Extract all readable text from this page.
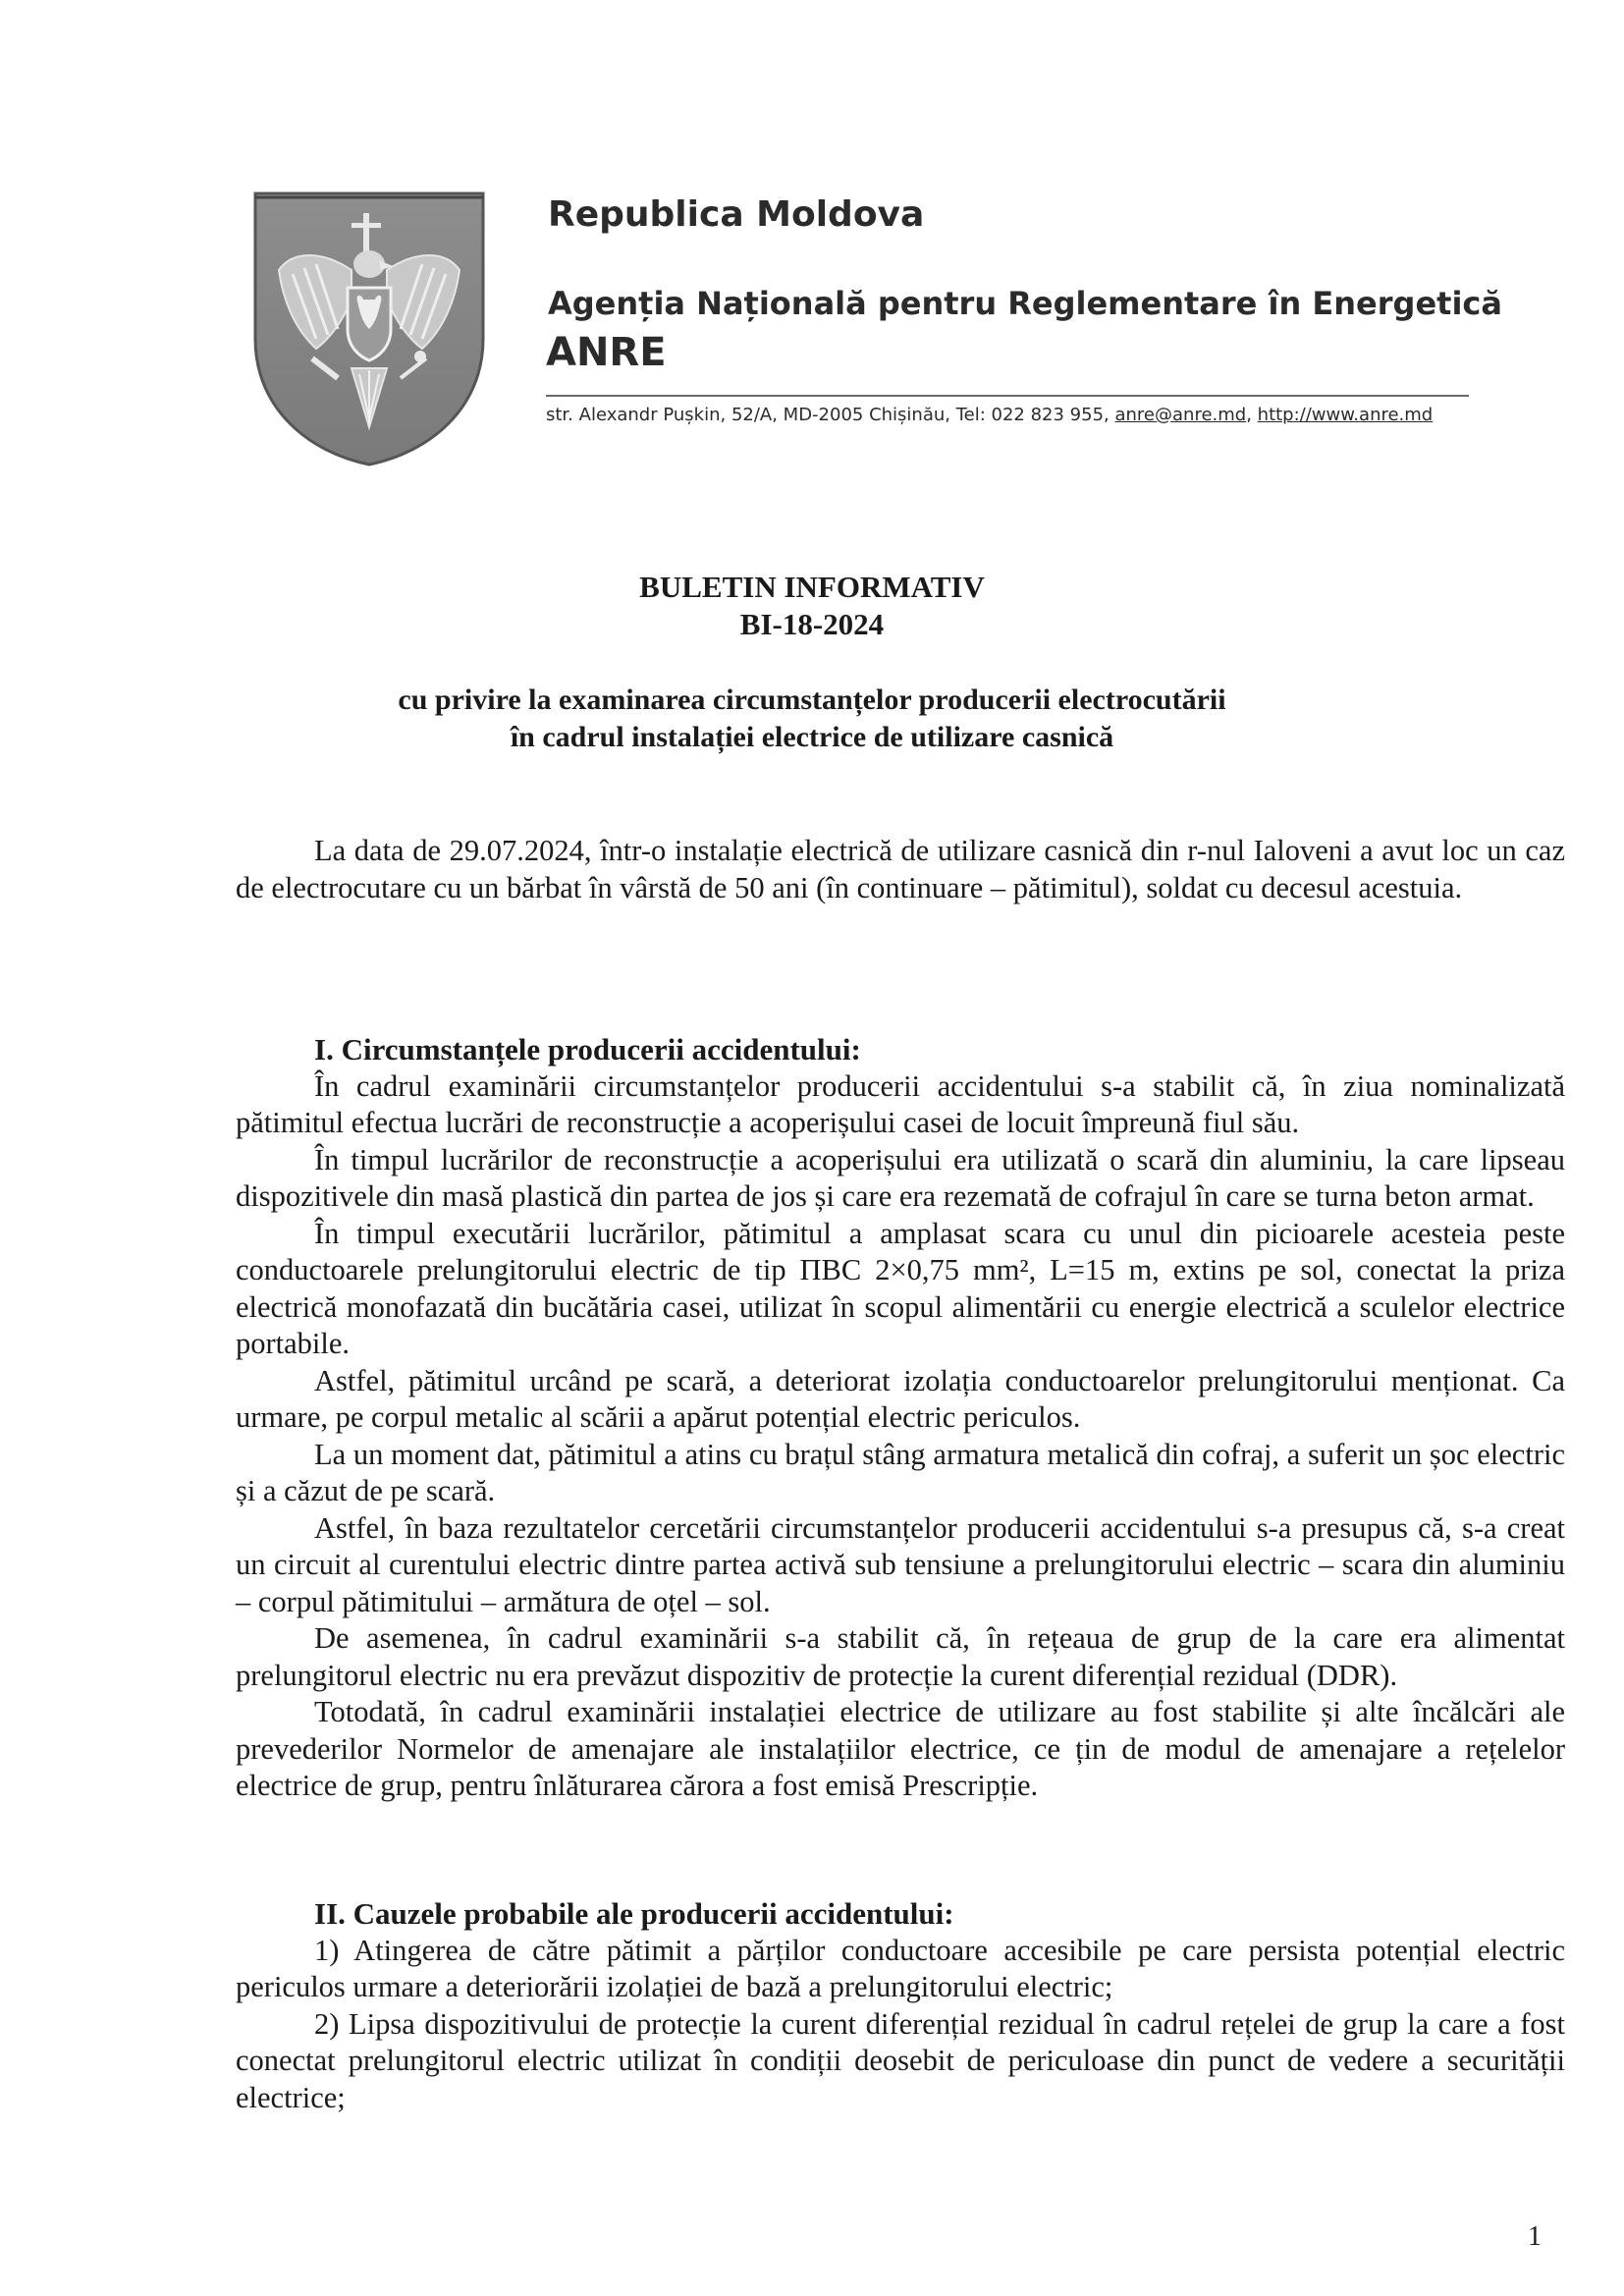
Republica Moldova
Agenția Națională pentru Reglementare în Energetică
ANRE
str. Alexandr Pușkin, 52/A, MD-2005 Chișinău, Tel: 022 823 955, anre@anre.md, http://www.anre.md
BULETIN INFORMATIV
BI-18-2024
cu privire la examinarea circumstanțelor producerii electrocutării
în cadrul instalației electrice de utilizare casnică

La data de 29.07.2024, într-o instalație electrică de utilizare casnică din r-nul Ialoveni a avut loc un caz de electrocutare cu un bărbat în vârstă de 50 ani (în continuare – pătimitul), soldat cu decesul acestuia.

I. Circumstanțele producerii accidentului:

În cadrul examinării circumstanțelor producerii accidentului s-a stabilit că, în ziua nominalizată pătimitul efectua lucrări de reconstrucție a acoperișului casei de locuit împreună fiul său.

În timpul lucrărilor de reconstrucție a acoperișului era utilizată o scară din aluminiu, la care lipseau dispozitivele din masă plastică din partea de jos și care era rezemată de cofrajul în care se turna beton armat.

În timpul executării lucrărilor, pătimitul a amplasat scara cu unul din picioarele acesteia peste conductoarele prelungitorului electric de tip ПВС 2×0,75 mm², L=15 m, extins pe sol, conectat la priza electrică monofazată din bucătăria casei, utilizat în scopul alimentării cu energie electrică a sculelor electrice portabile.

Astfel, pătimitul urcând pe scară, a deteriorat izolația conductoarelor prelungitorului menționat. Ca urmare, pe corpul metalic al scării a apărut potențial electric periculos.

La un moment dat, pătimitul a atins cu brațul stâng armatura metalică din cofraj, a suferit un șoc electric și a căzut de pe scară.

Astfel, în baza rezultatelor cercetării circumstanțelor producerii accidentului s-a presupus că, s-a creat un circuit al curentului electric dintre partea activă sub tensiune a prelungitorului electric – scara din aluminiu – corpul pătimitului – armătura de oțel – sol.

De asemenea, în cadrul examinării s-a stabilit că, în rețeaua de grup de la care era alimentat prelungitorul electric nu era prevăzut dispozitiv de protecție la curent diferențial rezidual (DDR).

Totodată, în cadrul examinării instalației electrice de utilizare au fost stabilite și alte încălcări ale prevederilor Normelor de amenajare ale instalațiilor electrice, ce țin de modul de amenajare a rețelelor electrice de grup, pentru înlăturarea cărora a fost emisă Prescripție.

II. Cauzele probabile ale producerii accidentului:

1) Atingerea de către pătimit a părților conductoare accesibile pe care persista potențial electric periculos urmare a deteriorării izolației de bază a prelungitorului electric;

2) Lipsa dispozitivului de protecție la curent diferențial rezidual în cadrul rețelei de grup la care a fost conectat prelungitorul electric utilizat în condiții deosebit de periculoase din punct de vedere a securității electrice;

1
